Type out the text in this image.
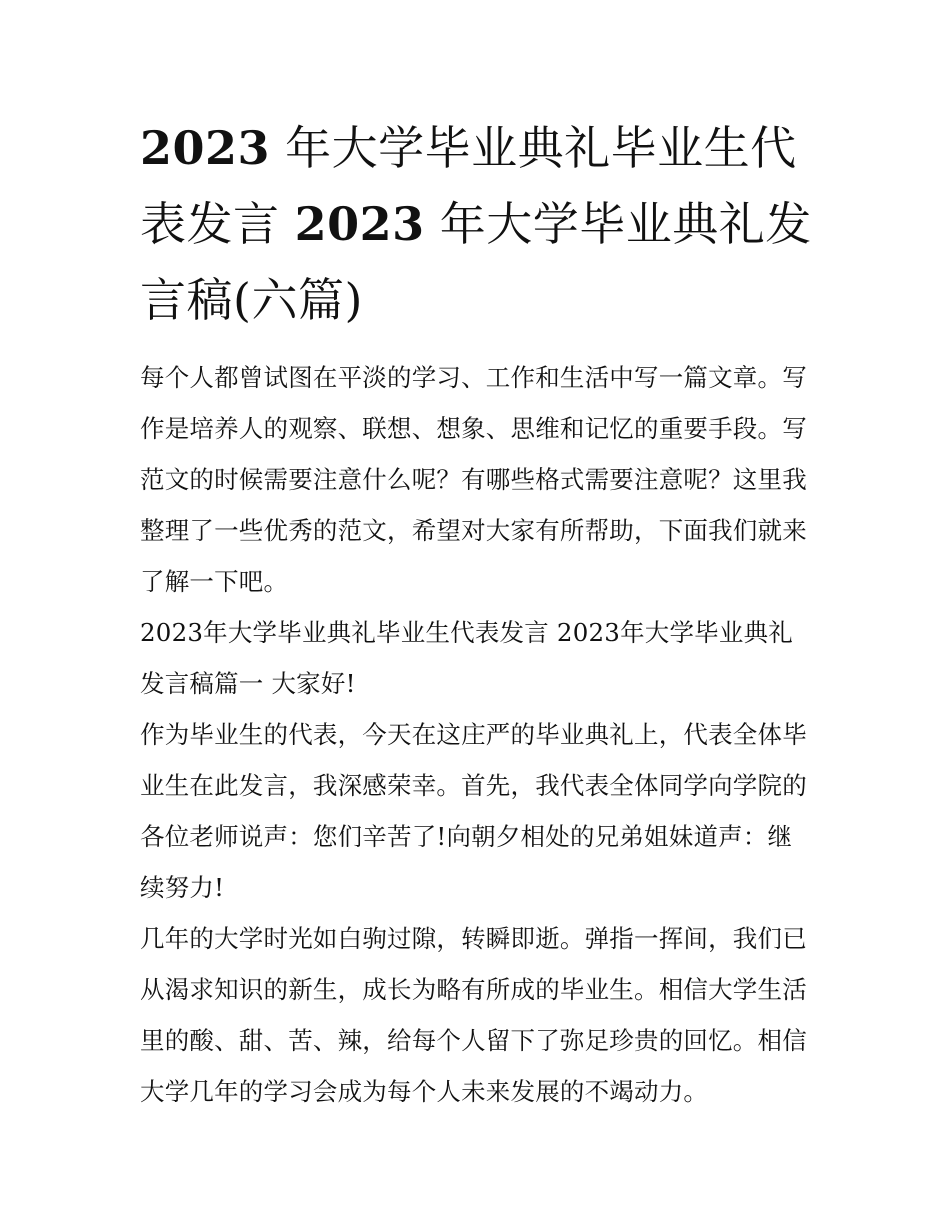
2023 年大学毕业典礼毕业生代表发言 2023 年大学毕业典礼发言稿(六篇)

每个人都曾试图在平淡的学习、工作和生活中写一篇文章。写作是培养人的观察、联想、想象、思维和记忆的重要手段。写范文的时候需要注意什么呢？有哪些格式需要注意呢？这里我整理了一些优秀的范文，希望对大家有所帮助，下面我们就来了解一下吧。

2023年大学毕业典礼毕业生代表发言 2023年大学毕业典礼发言稿篇一 大家好!

作为毕业生的代表，今天在这庄严的毕业典礼上，代表全体毕业生在此发言，我深感荣幸。首先，我代表全体同学向学院的各位老师说声：您们辛苦了!向朝夕相处的兄弟姐妹道声：继续努力!

几年的大学时光如白驹过隙，转瞬即逝。弹指一挥间，我们已从渴求知识的新生，成长为略有所成的毕业生。相信大学生活里的酸、甜、苦、辣，给每个人留下了弥足珍贵的回忆。相信大学几年的学习会成为每个人未来发展的不竭动力。
